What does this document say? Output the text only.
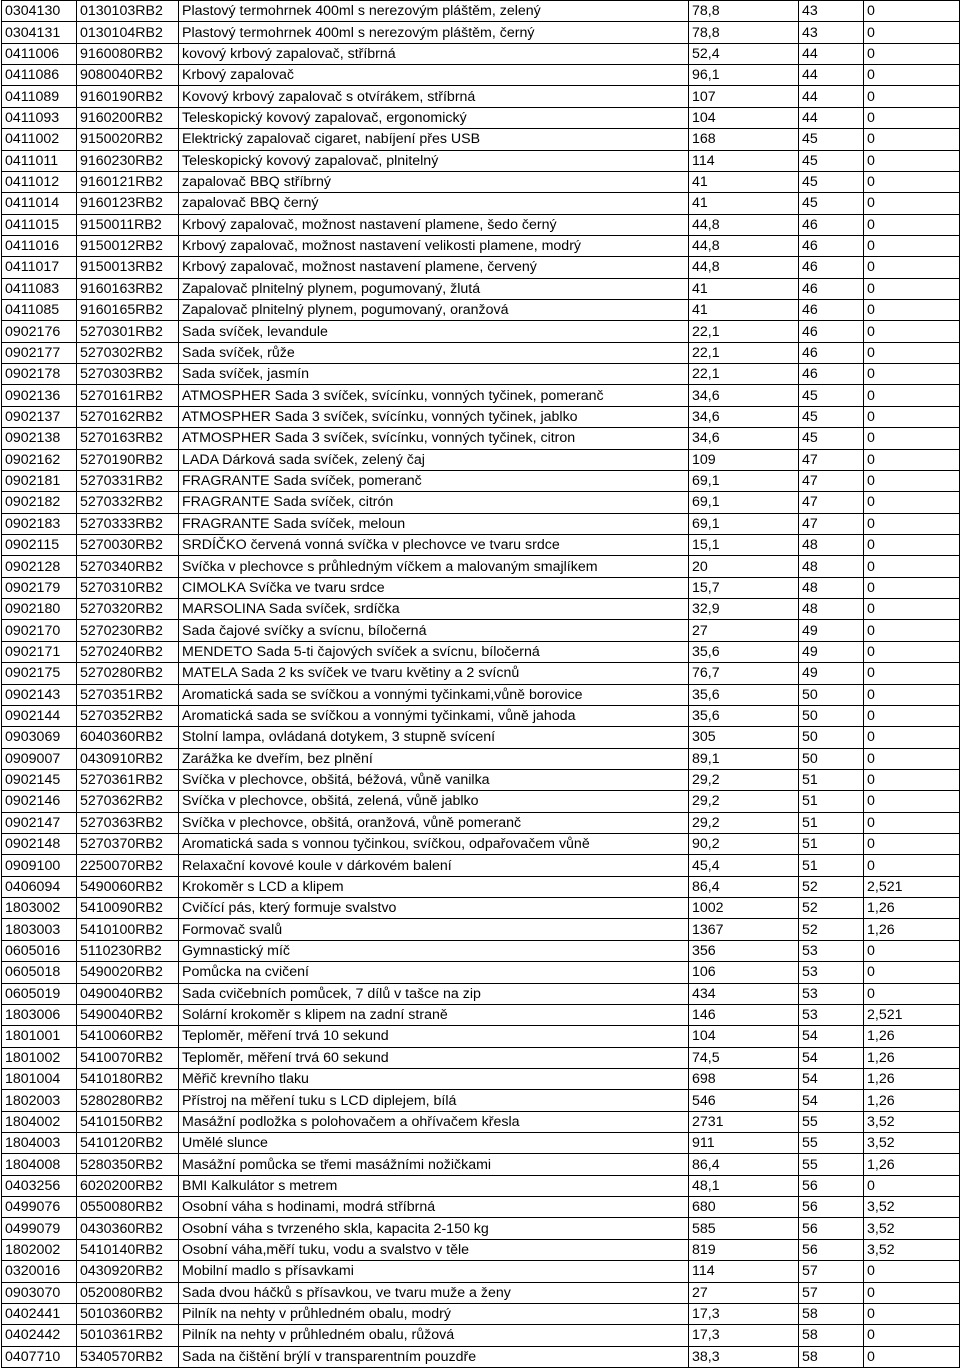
0304130	0130103RB2	Plastový termohrnek 400ml s nerezovým pláštěm, zelený	78,8	43	0
0304131	0130104RB2	Plastový termohrnek 400ml s nerezovým pláštěm, černý	78,8	43	0
0411006	9160080RB2	kovový krbový zapalovač, stříbrná	52,4	44	0
0411086	9080040RB2	Krbový zapalovač	96,1	44	0
0411089	9160190RB2	Kovový krbový zapalovač s otvírákem, stříbrná	107	44	0
0411093	9160200RB2	Teleskopický kovový zapalovač, ergonomický	104	44	0
0411002	9150020RB2	Elektrický zapalovač cigaret, nabíjení přes USB	168	45	0
0411011	9160230RB2	Teleskopický kovový zapalovač, plnitelný	114	45	0
0411012	9160121RB2	zapalovač BBQ stříbrný	41	45	0
0411014	9160123RB2	zapalovač BBQ černý	41	45	0
0411015	9150011RB2	Krbový zapalovač, možnost nastavení plamene, šedo černý	44,8	46	0
0411016	9150012RB2	Krbový zapalovač, možnost nastavení velikosti plamene, modrý	44,8	46	0
0411017	9150013RB2	Krbový zapalovač, možnost nastavení plamene, červený	44,8	46	0
0411083	9160163RB2	Zapalovač plnitelný plynem, pogumovaný, žlutá	41	46	0
0411085	9160165RB2	Zapalovač plnitelný plynem, pogumovaný, oranžová	41	46	0
0902176	5270301RB2	Sada svíček, levandule	22,1	46	0
0902177	5270302RB2	Sada svíček, růže	22,1	46	0
0902178	5270303RB2	Sada svíček, jasmín	22,1	46	0
0902136	5270161RB2	ATMOSPHER Sada 3 svíček, svícínku, vonných tyčinek, pomeranč	34,6	45	0
0902137	5270162RB2	ATMOSPHER Sada 3 svíček, svícínku, vonných tyčinek, jablko	34,6	45	0
0902138	5270163RB2	ATMOSPHER Sada 3 svíček, svícínku, vonných tyčinek, citron	34,6	45	0
0902162	5270190RB2	LADA Dárková sada svíček, zelený čaj	109	47	0
0902181	5270331RB2	FRAGRANTE Sada svíček, pomeranč	69,1	47	0
0902182	5270332RB2	FRAGRANTE Sada svíček, citrón	69,1	47	0
0902183	5270333RB2	FRAGRANTE Sada svíček, meloun	69,1	47	0
0902115	5270030RB2	SRDÍČKO červená vonná svíčka v plechovce ve tvaru srdce	15,1	48	0
0902128	5270340RB2	Svíčka v plechovce s průhledným víčkem a malovaným smajlíkem	20	48	0
0902179	5270310RB2	CIMOLKA Svíčka ve tvaru srdce	15,7	48	0
0902180	5270320RB2	MARSOLINA Sada svíček, srdíčka	32,9	48	0
0902170	5270230RB2	Sada čajové svíčky a svícnu, bíločerná	27	49	0
0902171	5270240RB2	MENDETO Sada 5-ti čajových svíček a svícnu, bíločerná	35,6	49	0
0902175	5270280RB2	MATELA Sada 2 ks svíček ve tvaru květiny a 2 svícnů	76,7	49	0
0902143	5270351RB2	Aromatická sada se svíčkou a vonnými tyčinkami,vůně borovice	35,6	50	0
0902144	5270352RB2	Aromatická sada se svíčkou a vonnými tyčinkami, vůně jahoda	35,6	50	0
0903069	6040360RB2	Stolní lampa, ovládaná dotykem, 3 stupně svícení	305	50	0
0909007	0430910RB2	Zarážka ke dveřím, bez plnění	89,1	50	0
0902145	5270361RB2	Svíčka v plechovce, obšitá, béžová, vůně vanilka	29,2	51	0
0902146	5270362RB2	Svíčka v plechovce, obšitá, zelená, vůně jablko	29,2	51	0
0902147	5270363RB2	Svíčka v plechovce, obšitá, oranžová, vůně pomeranč	29,2	51	0
0902148	5270370RB2	Aromatická sada s vonnou tyčinkou, svíčkou, odpařovačem vůně	90,2	51	0
0909100	2250070RB2	Relaxační kovové koule v dárkovém balení	45,4	51	0
0406094	5490060RB2	Krokoměr s LCD a klipem	86,4	52	2,521
1803002	5410090RB2	Cvičící pás, který formuje svalstvo	1002	52	1,26
1803003	5410100RB2	Formovač svalů	1367	52	1,26
0605016	5110230RB2	Gymnastický míč	356	53	0
0605018	5490020RB2	Pomůcka na cvičení	106	53	0
0605019	0490040RB2	Sada cvičebních pomůcek, 7 dílů v tašce na zip	434	53	0
1803006	5490040RB2	Solární krokoměr s klipem na zadní straně	146	53	2,521
1801001	5410060RB2	Teploměr, měření trvá 10 sekund	104	54	1,26
1801002	5410070RB2	Teploměr, měření trvá 60 sekund	74,5	54	1,26
1801004	5410180RB2	Měřič krevního tlaku	698	54	1,26
1802003	5280280RB2	Přístroj na měření tuku s LCD diplejem, bílá	546	54	1,26
1804002	5410150RB2	Masážní podložka s polohovačem a ohřívačem křesla	2731	55	3,52
1804003	5410120RB2	Umělé slunce	911	55	3,52
1804008	5280350RB2	Masážní pomůcka se třemi masážními nožičkami	86,4	55	1,26
0403256	6020200RB2	BMI Kalkulátor s metrem	48,1	56	0
0499076	0550080RB2	Osobní váha s hodinami, modrá stříbrná	680	56	3,52
0499079	0430360RB2	Osobní váha s tvrzeného skla, kapacita 2-150 kg	585	56	3,52
1802002	5410140RB2	Osobní váha,měří tuku, vodu a svalstvo v těle	819	56	3,52
0320016	0430920RB2	Mobilní madlo s přísavkami	114	57	0
0903070	0520080RB2	Sada dvou háčků s přísavkou, ve tvaru muže a ženy	27	57	0
0402441	5010360RB2	Pilník na nehty v průhledném obalu, modrý	17,3	58	0
0402442	5010361RB2	Pilník na nehty v průhledném obalu, růžová	17,3	58	0
0407710	5340570RB2	Sada na čištění brýlí v transparentním pouzdře	38,3	58	0
